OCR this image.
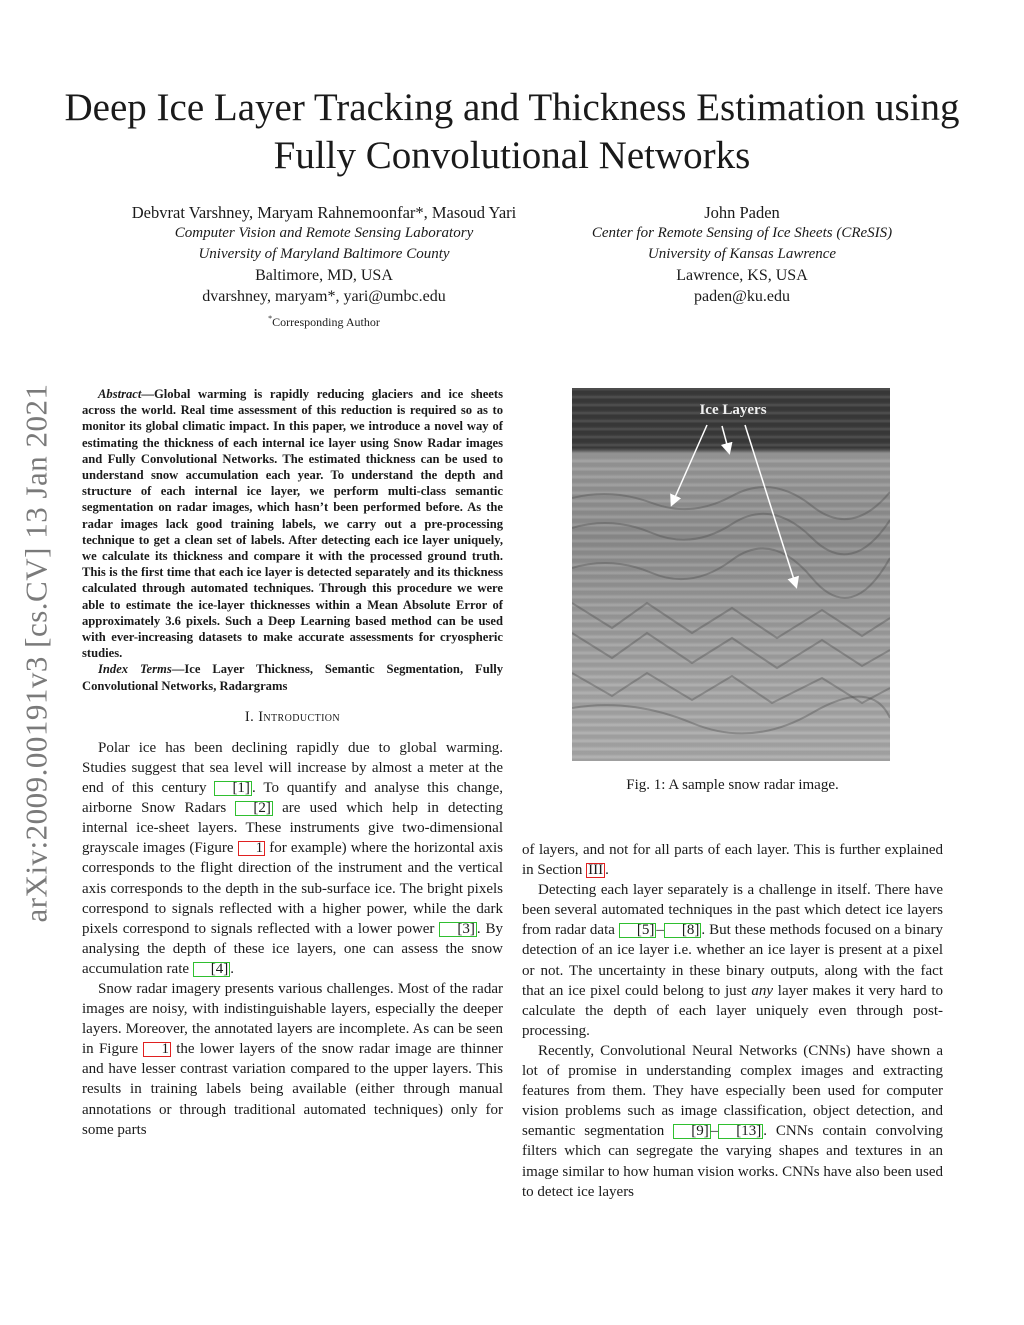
arXiv:2009.00191v3 [cs.CV] 13 Jan 2021
Deep Ice Layer Tracking and Thickness Estimation using Fully Convolutional Networks
Debvrat Varshney, Maryam Rahnemoonfar*, Masoud Yari
Computer Vision and Remote Sensing Laboratory
University of Maryland Baltimore County
Baltimore, MD, USA
dvarshney, maryam*, yari@umbc.edu
*Corresponding Author
John Paden
Center for Remote Sensing of Ice Sheets (CReSIS)
University of Kansas Lawrence
Lawrence, KS, USA
paden@ku.edu

Abstract—Global warming is rapidly reducing glaciers and ice sheets across the world. Real time assessment of this reduction is required so as to monitor its global climatic impact. In this paper, we introduce a novel way of estimating the thickness of each internal ice layer using Snow Radar images and Fully Convolutional Networks. The estimated thickness can be used to understand snow accumulation each year. To understand the depth and structure of each internal ice layer, we perform multi-class semantic segmentation on radar images, which hasn’t been performed before. As the radar images lack good training labels, we carry out a pre-processing technique to get a clean set of labels. After detecting each ice layer uniquely, we calculate its thickness and compare it with the processed ground truth. This is the first time that each ice layer is detected separately and its thickness calculated through automated techniques. Through this procedure we were able to estimate the ice-layer thicknesses within a Mean Absolute Error of approximately 3.6 pixels. Such a Deep Learning based method can be used with ever-increasing datasets to make accurate assessments for cryospheric studies.

Index Terms—Ice Layer Thickness, Semantic Segmentation, Fully Convolutional Networks, Radargrams

I. Introduction

Polar ice has been declining rapidly due to global warming. Studies suggest that sea level will increase by almost a meter at the end of this century [1] . To quantify and analyse this change, airborne Snow Radars [2] are used which help in detecting internal ice-sheet layers. These instruments give two-dimensional grayscale images (Figure 1 for example) where the horizontal axis corresponds to the flight direction of the instrument and the vertical axis corresponds to the depth in the sub-surface ice. The bright pixels correspond to signals reflected with a higher power, while the dark pixels correspond to signals reflected with a lower power [3] . By analysing the depth of these ice layers, one can assess the snow accumulation rate [4] .

Snow radar imagery presents various challenges. Most of the radar images are noisy, with indistinguishable layers, especially the deeper layers. Moreover, the annotated layers are incomplete. As can be seen in Figure 1 the lower layers of the snow radar image are thinner and have lesser contrast variation compared to the upper layers. This results in training labels being available (either through manual annotations or through traditional automated techniques) only for some parts

Ice Layers
Fig. 1: A sample snow radar image.

of layers, and not for all parts of each layer. This is further explained in Section III .

Detecting each layer separately is a challenge in itself. There have been several automated techniques in the past which detect ice layers from radar data [5] – [8] . But these methods focused on a binary detection of an ice layer i.e. whether an ice layer is present at a pixel or not. The uncertainty in these binary outputs, along with the fact that an ice pixel could belong to just any layer makes it very hard to calculate the depth of each layer uniquely even through post-processing.

Recently, Convolutional Neural Networks (CNNs) have shown a lot of promise in understanding complex images and extracting features from them. They have especially been used for computer vision problems such as image classification, object detection, and semantic segmentation [9] – [13] . CNNs contain convolving filters which can segregate the varying shapes and textures in an image similar to how human vision works. CNNs have also been used to detect ice layers
